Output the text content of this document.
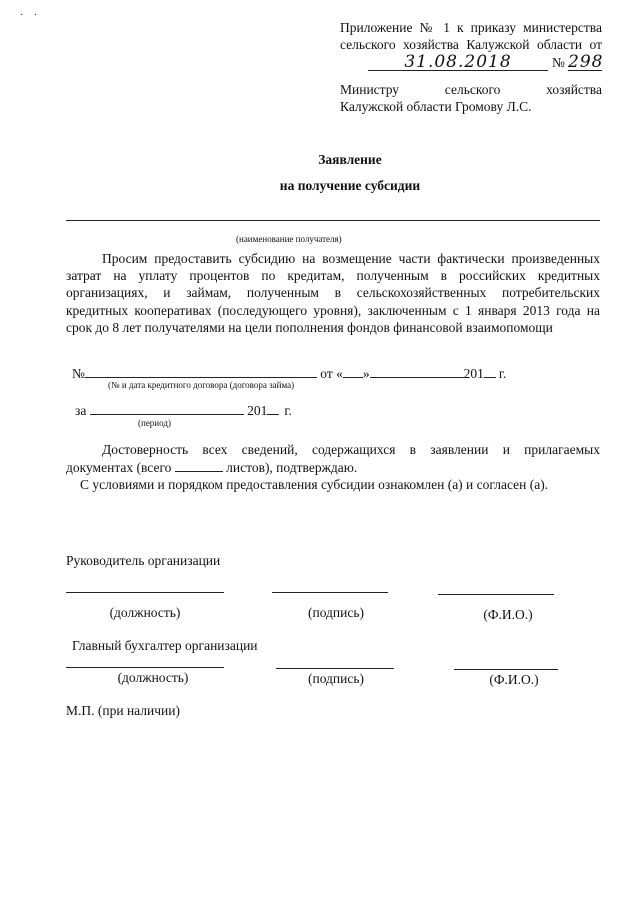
· ·
Приложение № 1 к приказу министерства
сельского хозяйства Калужской области от
31.08.2018	№ 298
Министру сельского хозяйства
Калужской области Громову Л.С.
Заявление
на получение субсидии
(наименование получателя)
Просим предоставить субсидию на возмещение части фактически произведенных
затрат на уплату процентов по кредитам, полученным в российских кредитных
организациях, и займам, полученным в сельскохозяйственных потребительских
кредитных кооперативах (последующего уровня), заключенным с 1 января 2013 года на
срок до 8 лет получателями на цели пополнения фондов финансовой взаимопомощи
№	от « »	201 г.
(№ и дата кредитного договора (договора займа)
за	201 г.
(период)
Достоверность всех сведений, содержащихся в заявлении и прилагаемых
документах (всего	листов), подтверждаю.
С условиями и порядком предоставления субсидии ознакомлен (а) и согласен (а).
Руководитель организации
(должность)	(подпись)	(Ф.И.О.)
Главный бухгалтер организации
(должность)	(подпись)	(Ф.И.О.)
М.П. (при наличии)
